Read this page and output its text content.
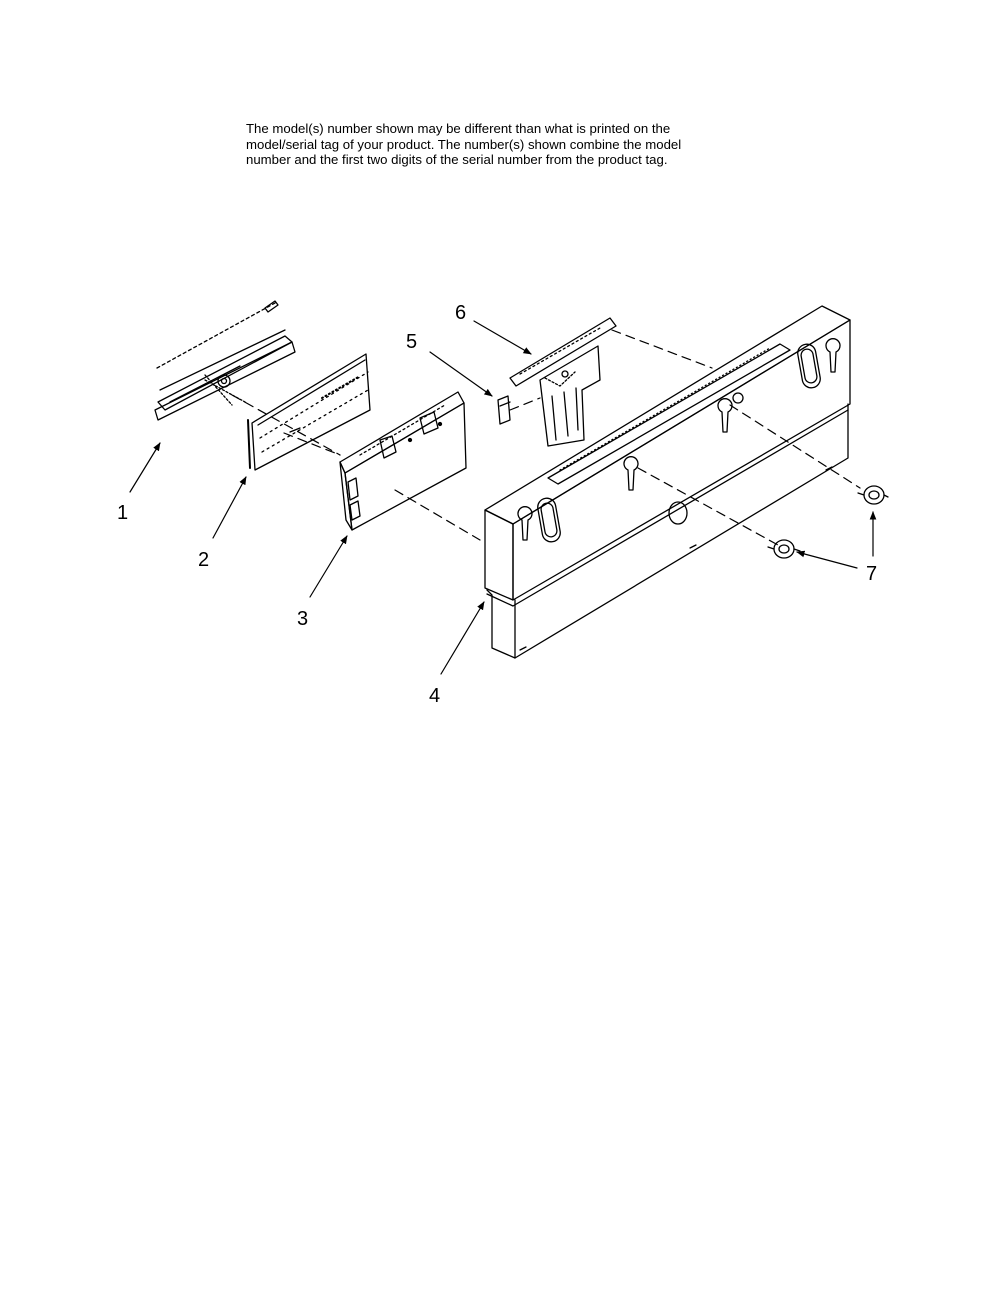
The model(s) number shown may be different than what is printed on the
model/serial tag of your product. The number(s) shown combine the model
number and the first two digits of the serial number from the product tag.

1
2
3
4
5
6
7
